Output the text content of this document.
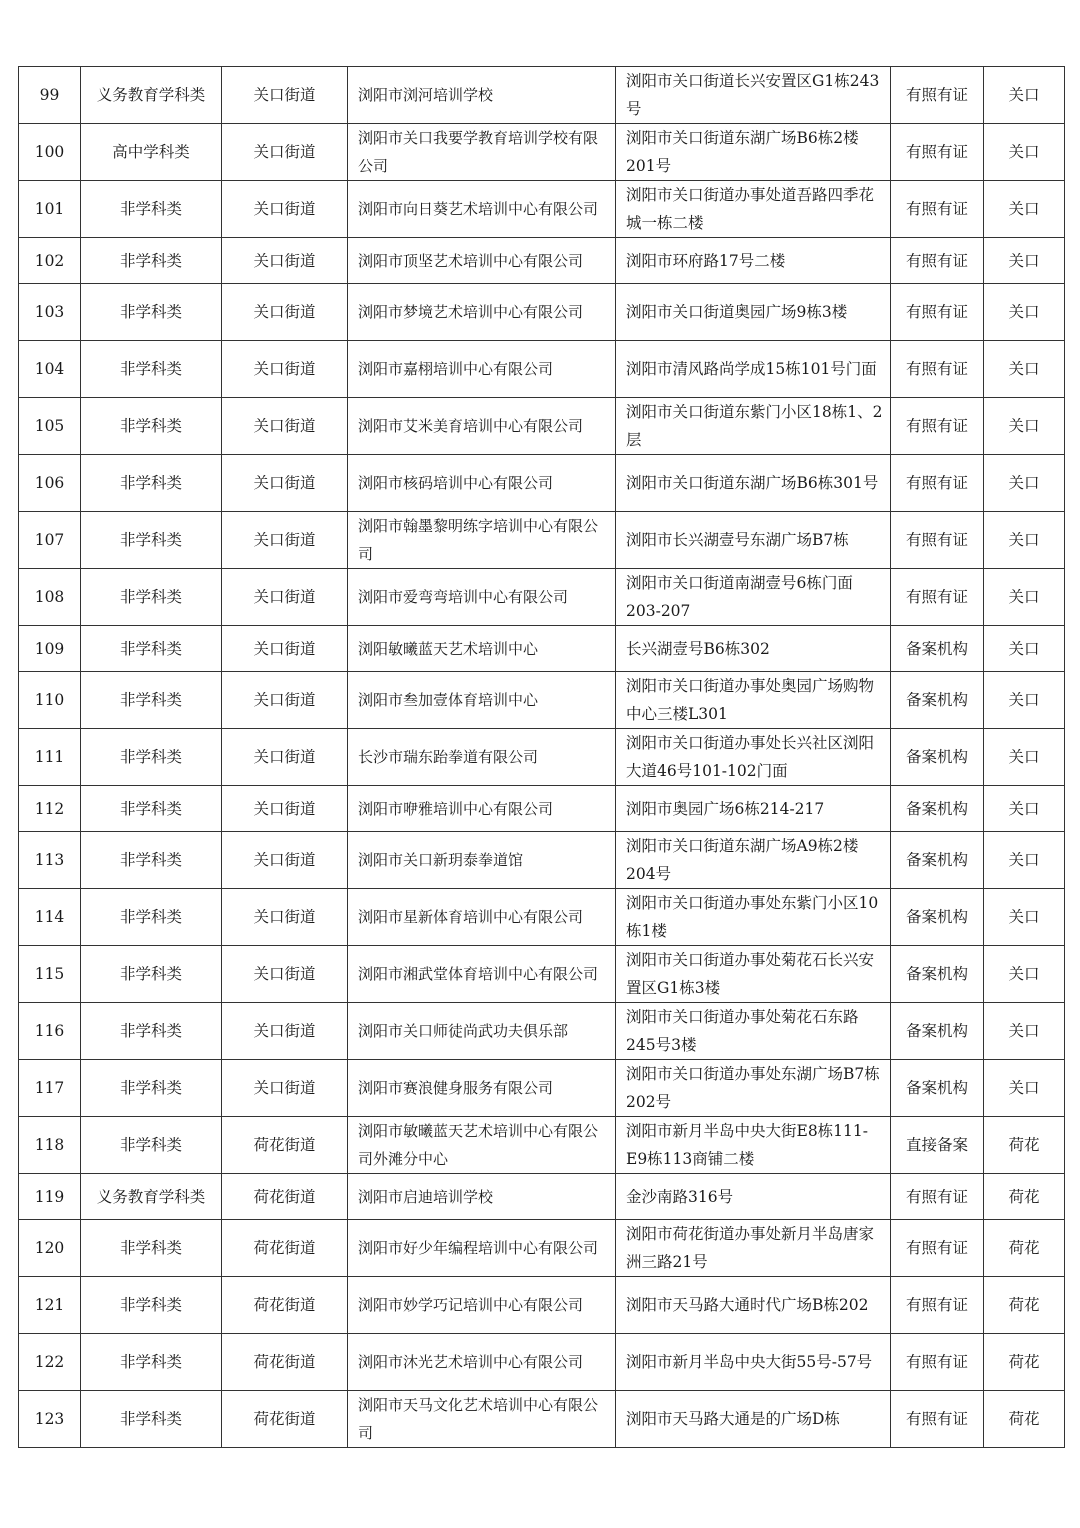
99	义务教育学科类	关口街道	浏阳市浏河培训学校	浏阳市关口街道长兴安置区G1栋243号	有照有证	关口
100	高中学科类	关口街道	浏阳市关口我要学教育培训学校有限公司	浏阳市关口街道东湖广场B6栋2楼201号	有照有证	关口
101	非学科类	关口街道	浏阳市向日葵艺术培训中心有限公司	浏阳市关口街道办事处道吾路四季花城一栋二楼	有照有证	关口
102	非学科类	关口街道	浏阳市顶坚艺术培训中心有限公司	浏阳市环府路17号二楼	有照有证	关口
103	非学科类	关口街道	浏阳市梦境艺术培训中心有限公司	浏阳市关口街道奥园广场9栋3楼	有照有证	关口
104	非学科类	关口街道	浏阳市嘉栩培训中心有限公司	浏阳市清风路尚学成15栋101号门面	有照有证	关口
105	非学科类	关口街道	浏阳市艾米美育培训中心有限公司	浏阳市关口街道东紫门小区18栋1、2层	有照有证	关口
106	非学科类	关口街道	浏阳市核码培训中心有限公司	浏阳市关口街道东湖广场B6栋301号	有照有证	关口
107	非学科类	关口街道	浏阳市翰墨黎明练字培训中心有限公司	浏阳市长兴湖壹号东湖广场B7栋	有照有证	关口
108	非学科类	关口街道	浏阳市爱弯弯培训中心有限公司	浏阳市关口街道南湖壹号6栋门面203-207	有照有证	关口
109	非学科类	关口街道	浏阳敏曦蓝天艺术培训中心	长兴湖壹号B6栋302	备案机构	关口
110	非学科类	关口街道	浏阳市叁加壹体育培训中心	浏阳市关口街道办事处奥园广场购物中心三楼L301	备案机构	关口
111	非学科类	关口街道	长沙市瑞东跆拳道有限公司	浏阳市关口街道办事处长兴社区浏阳大道46号101-102门面	备案机构	关口
112	非学科类	关口街道	浏阳市咿雅培训中心有限公司	浏阳市奥园广场6栋214-217	备案机构	关口
113	非学科类	关口街道	浏阳市关口新玥泰拳道馆	浏阳市关口街道东湖广场A9栋2楼204号	备案机构	关口
114	非学科类	关口街道	浏阳市星新体育培训中心有限公司	浏阳市关口街道办事处东紫门小区10栋1楼	备案机构	关口
115	非学科类	关口街道	浏阳市湘武堂体育培训中心有限公司	浏阳市关口街道办事处菊花石长兴安置区G1栋3楼	备案机构	关口
116	非学科类	关口街道	浏阳市关口师徒尚武功夫俱乐部	浏阳市关口街道办事处菊花石东路245号3楼	备案机构	关口
117	非学科类	关口街道	浏阳市赛浪健身服务有限公司	浏阳市关口街道办事处东湖广场B7栋202号	备案机构	关口
118	非学科类	荷花街道	浏阳市敏曦蓝天艺术培训中心有限公司外滩分中心	浏阳市新月半岛中央大街E8栋111-E9栋113商铺二楼	直接备案	荷花
119	义务教育学科类	荷花街道	浏阳市启迪培训学校	金沙南路316号	有照有证	荷花
120	非学科类	荷花街道	浏阳市好少年编程培训中心有限公司	浏阳市荷花街道办事处新月半岛唐家洲三路21号	有照有证	荷花
121	非学科类	荷花街道	浏阳市妙学巧记培训中心有限公司	浏阳市天马路大通时代广场B栋202	有照有证	荷花
122	非学科类	荷花街道	浏阳市沐光艺术培训中心有限公司	浏阳市新月半岛中央大街55号-57号	有照有证	荷花
123	非学科类	荷花街道	浏阳市天马文化艺术培训中心有限公司	浏阳市天马路大通是的广场D栋	有照有证	荷花
